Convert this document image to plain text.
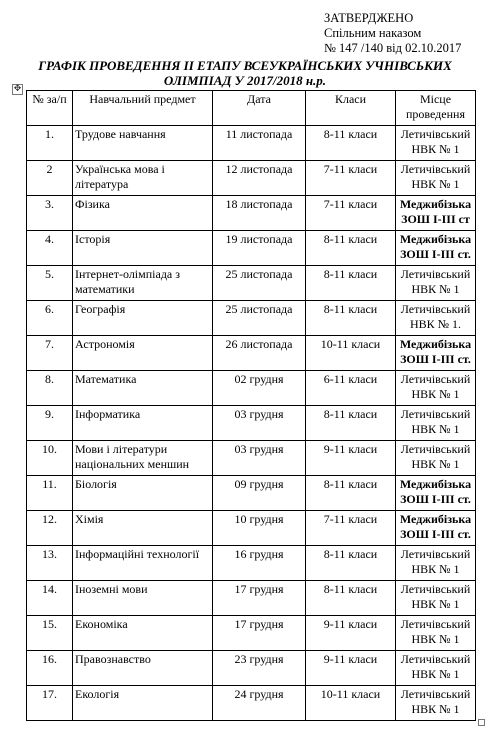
ЗАТВЕРДЖЕНО
Спільним наказом
№ 147 /140 від 02.10.2017
ГРАФІК ПРОВЕДЕННЯ ІІ ЕТАПУ ВСЕУКРАЇНСЬКИХ УЧНІВСЬКИХ
ОЛІМПІАД У 2017/2018 н.р.
✥
№ за/п	Навчальний предмет	Дата	Класи	Місце проведення
1.	Трудове навчання	11 листопада	8-11 класи	Летичівський НВК № 1
2	Українська мова і література	12 листопада	7-11 класи	Летичівський НВК № 1
3.	Фізика	18 листопада	7-11 класи	Меджибізька ЗОШ І-ІІІ ст
4.	Історія	19 листопада	8-11 класи	Меджибізька ЗОШ І-ІІІ ст.
5.	Інтернет-олімпіада з математики	25 листопада	8-11 класи	Летичівський НВК № 1
6.	Географія	25 листопада	8-11 класи	Летичівський НВК № 1.
7.	Астрономія	26 листопада	10-11 класи	Меджибізька ЗОШ І-ІІІ ст.
8.	Математика	02 грудня	6-11 класи	Летичівський НВК № 1
9.	Інформатика	03 грудня	8-11 класи	Летичівський НВК № 1
10.	Мови і літератури національних меншин	03 грудня	9-11 класи	Летичівський НВК № 1
11.	Біологія	09 грудня	8-11 класи	Меджибізька ЗОШ І-ІІІ ст.
12.	Хімія	10 грудня	7-11 класи	Меджибізька ЗОШ І-ІІІ ст.
13.	Інформаційні технології	16 грудня	8-11 класи	Летичівський НВК № 1
14.	Іноземні мови	17 грудня	8-11 класи	Летичівський НВК № 1
15.	Економіка	17 грудня	9-11 класи	Летичівський НВК № 1
16.	Правознавство	23 грудня	9-11 класи	Летичівський НВК № 1
17.	Екологія	24 грудня	10-11 класи	Летичівський НВК № 1
